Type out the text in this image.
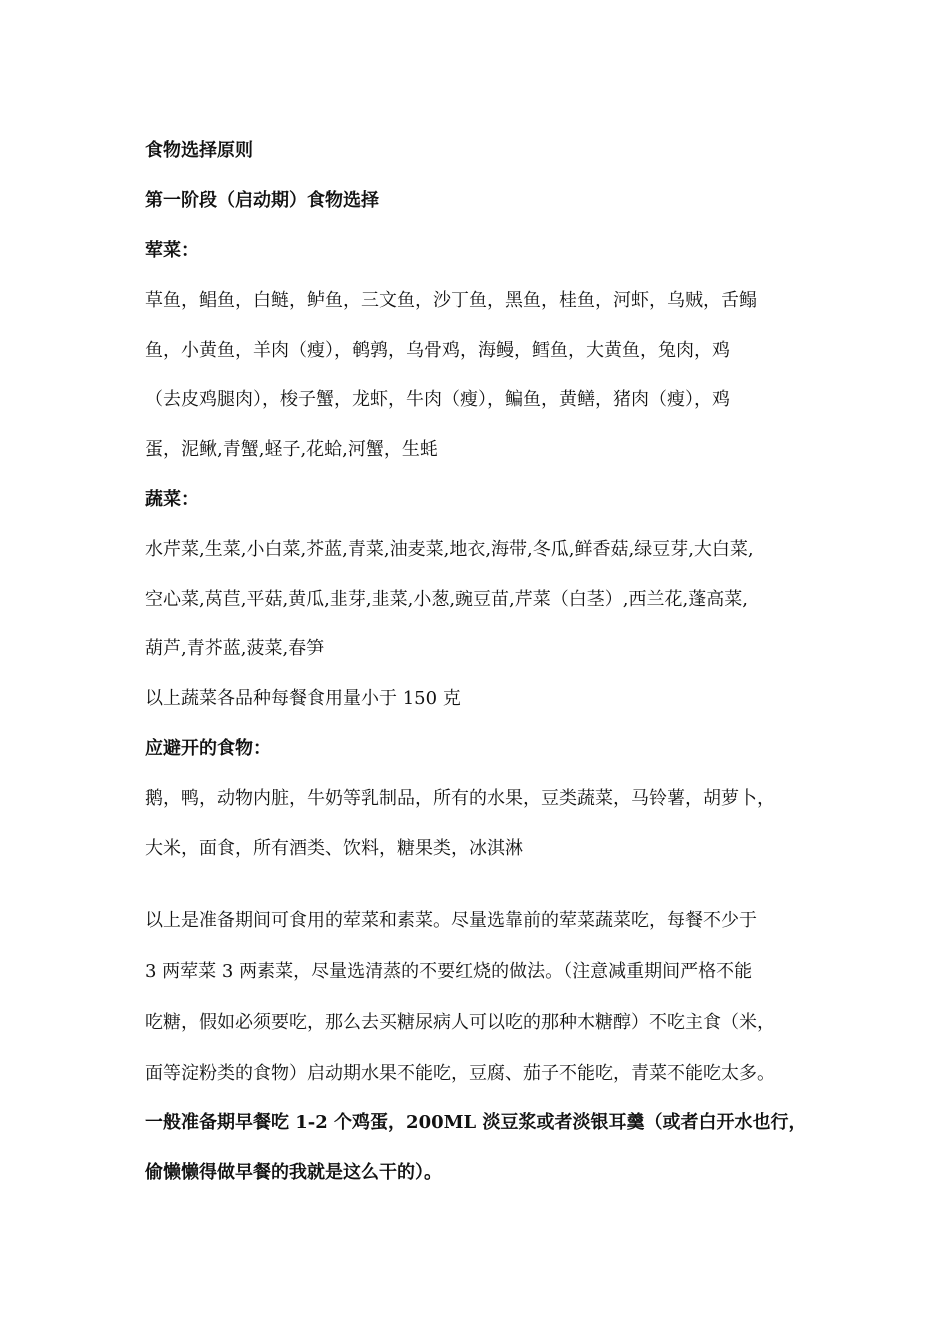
食物选择原则
第一阶段（启动期）食物选择
荤菜：
草鱼，鲳鱼，白鲢，鲈鱼，三文鱼，沙丁鱼，黑鱼，桂鱼，河虾，乌贼，舌鳎
鱼，小黄鱼，羊肉（瘦），鹌鹑，乌骨鸡，海鳗，鳕鱼，大黄鱼，兔肉，鸡
（去皮鸡腿肉），梭子蟹，龙虾，牛肉（瘦），鳊鱼，黄鳝，猪肉（瘦），鸡
蛋，泥鳅,青蟹,蛏子,花蛤,河蟹，生蚝
蔬菜：
水芹菜,生菜,小白菜,芥蓝,青菜,油麦菜,地衣,海带,冬瓜,鲜香菇,绿豆芽,大白菜,
空心菜,莴苣,平菇,黄瓜,韭芽,韭菜,小葱,豌豆苗,芹菜（白茎）,西兰花,蓬高菜,
葫芦,青芥蓝,菠菜,春笋
以上蔬菜各品种每餐食用量小于 150 克
应避开的食物：
鹅，鸭，动物内脏，牛奶等乳制品，所有的水果，豆类蔬菜，马铃薯，胡萝卜，
大米，面食，所有酒类、饮料，糖果类，冰淇淋
以上是准备期间可食用的荤菜和素菜。尽量选靠前的荤菜蔬菜吃，每餐不少于
3 两荤菜 3 两素菜，尽量选清蒸的不要红烧的做法。（注意减重期间严格不能
吃糖，假如必须要吃，那么去买糖尿病人可以吃的那种木糖醇）不吃主食（米，
面等淀粉类的食物）启动期水果不能吃，豆腐、茄子不能吃，青菜不能吃太多。
一般准备期早餐吃 1-2 个鸡蛋，200ML 淡豆浆或者淡银耳羹（或者白开水也行，
偷懒懒得做早餐的我就是这么干的）。
